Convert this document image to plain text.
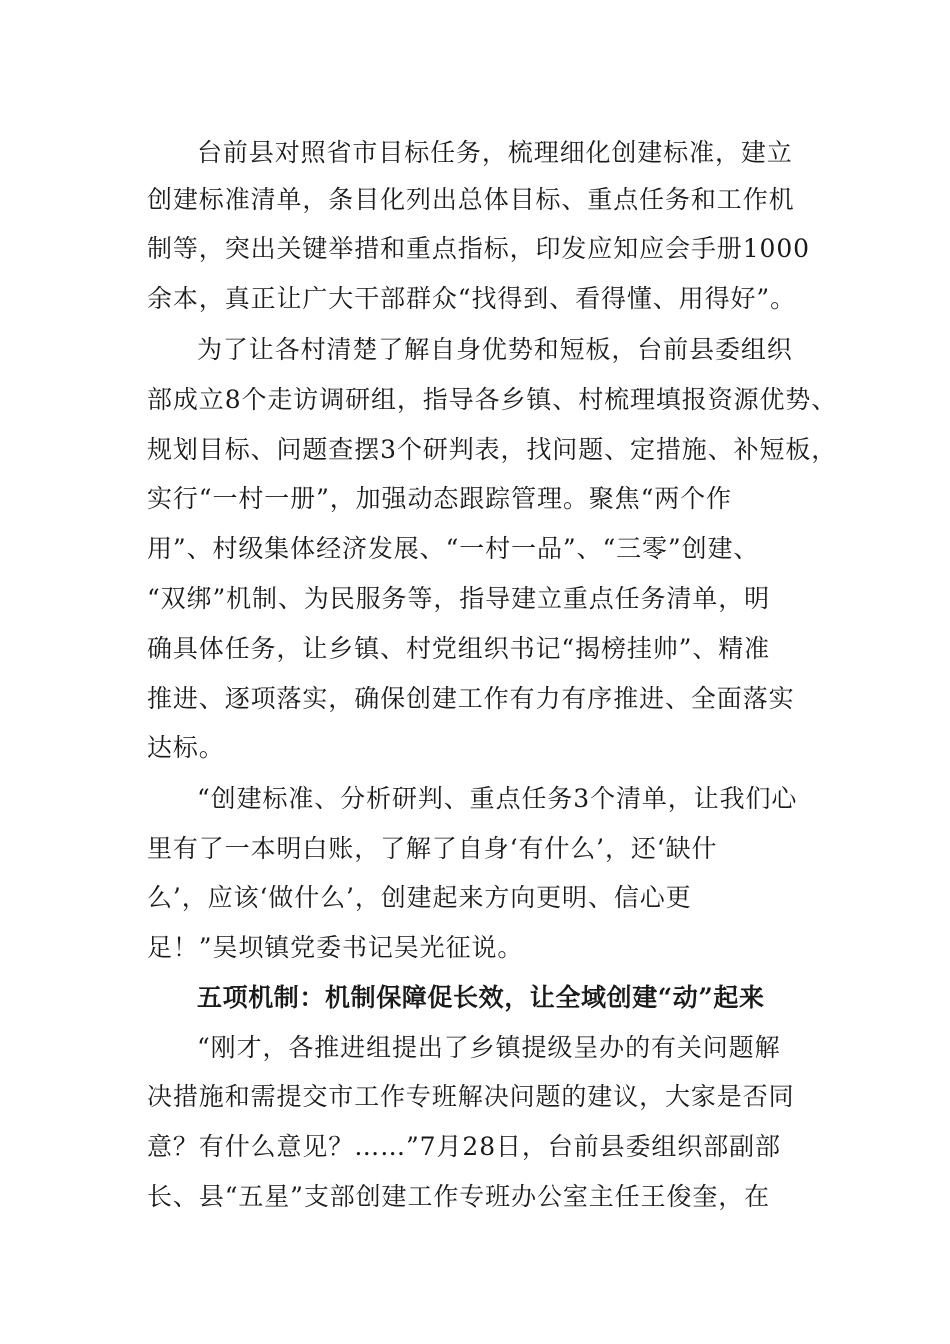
台前县对照省市目标任务，梳理细化创建标准，建立
创建标准清单，条目化列出总体目标、重点任务和工作机
制等，突出关键举措和重点指标，印发应知应会手册1000
余本，真正让广大干部群众“找得到、看得懂、用得好”。
为了让各村清楚了解自身优势和短板，台前县委组织
部成立8个走访调研组，指导各乡镇、村梳理填报资源优势、
规划目标、问题查摆3个研判表，找问题、定措施、补短板，
实行“一村一册”，加强动态跟踪管理。聚焦“两个作
用”、村级集体经济发展、“一村一品”、“三零”创建、
“双绑”机制、为民服务等，指导建立重点任务清单，明
确具体任务，让乡镇、村党组织书记“揭榜挂帅”、精准
推进、逐项落实，确保创建工作有力有序推进、全面落实
达标。
“创建标准、分析研判、重点任务3个清单，让我们心
里有了一本明白账，了解了自身‘有什么’，还‘缺什
么’，应该‘做什么’，创建起来方向更明、信心更
足！”吴坝镇党委书记吴光征说。
五项机制：机制保障促长效，让全域创建“动”起来
“刚才，各推进组提出了乡镇提级呈办的有关问题解
决措施和需提交市工作专班解决问题的建议，大家是否同
意？有什么意见？……”7月28日，台前县委组织部副部
长、县“五星”支部创建工作专班办公室主任王俊奎，在
